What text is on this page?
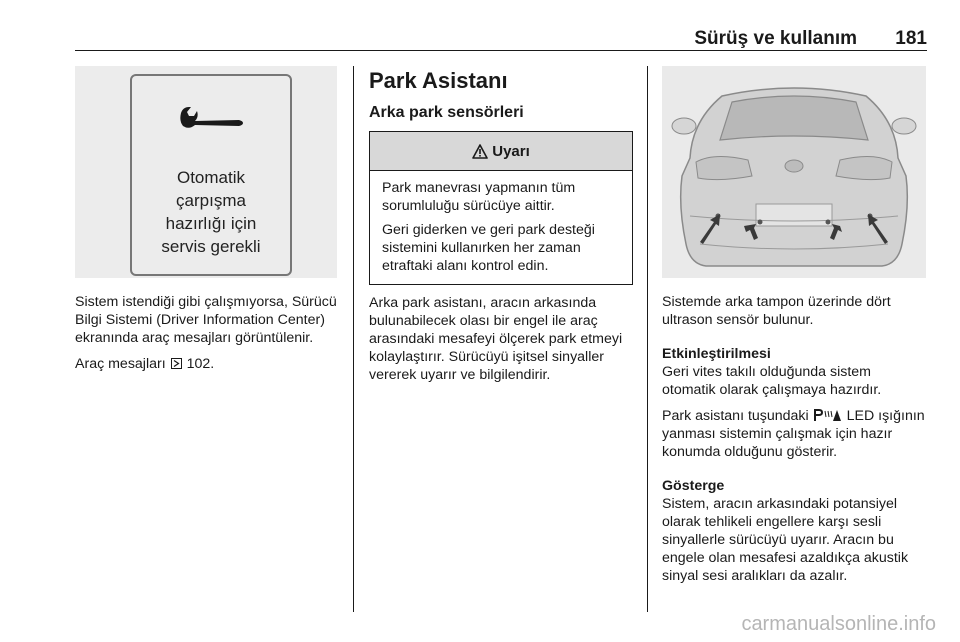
Sürüş ve kullanım 181
Otomatik
çarpışma
hazırlığı için
servis gerekli

Sistem istendiği gibi çalışmıyorsa, Sürücü Bilgi Sistemi (Driver Information Center) ekranında araç mesajları görüntülenir.

Araç mesajları 102.

Park Asistanı
Arka park sensörleri
Uyarı

Park manevrası yapmanın tüm sorumluluğu sürücüye aittir.

Geri giderken ve geri park desteği sistemini kullanırken her zaman etraftaki alanı kontrol edin.

Arka park asistanı, aracın arkasında bulunabilecek olası bir engel ile araç arasındaki mesafeyi ölçerek park etmeyi kolaylaştırır. Sürücüyü işitsel sinyaller vererek uyarır ve bilgilendirir.

Sistemde arka tampon üzerinde dört ultrason sensör bulunur.

Etkinleştirilmesi

Geri vites takılı olduğunda sistem otomatik olarak çalışmaya hazırdır.

Park asistanı tuşundaki	LED ışığının yanması sistemin çalışmak için hazır konumda olduğunu gösterir.

Gösterge

Sistem, aracın arkasındaki potansiyel olarak tehlikeli engellere karşı sesli sinyallerle sürücüyü uyarır. Aracın bu engele olan mesafesi azaldıkça akustik sinyal sesi aralıkları da azalır.

carmanualsonline.info
